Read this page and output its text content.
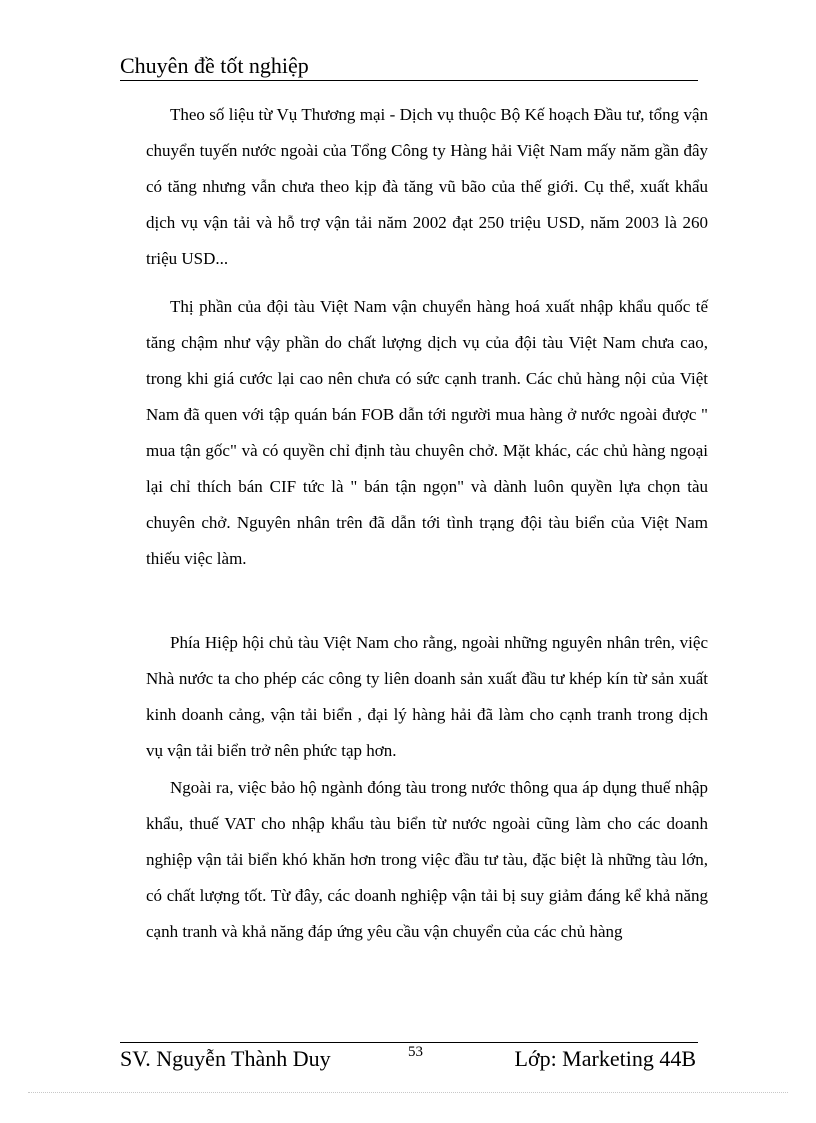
Chuyên đề tốt nghiệp

Theo số liệu từ Vụ Thương mại - Dịch vụ thuộc Bộ Kế hoạch Đầu tư, tổng vận chuyển tuyến nước ngoài của Tổng Công ty Hàng hải Việt Nam mấy năm gần đây có tăng nhưng vẫn chưa theo kịp đà tăng vũ bão của thế giới. Cụ thể, xuất khẩu dịch vụ vận tải và hỗ trợ vận tải năm 2002 đạt 250 triệu USD, năm 2003 là 260 triệu USD...

Thị phần của đội tàu Việt Nam vận chuyển hàng hoá xuất nhập khẩu quốc tế tăng chậm như vậy phần do chất lượng dịch vụ của đội tàu Việt Nam chưa cao, trong khi giá cước lại cao nên chưa có sức cạnh tranh. Các chủ hàng nội của Việt Nam đã quen với tập quán bán FOB dẫn tới người mua hàng ở nước ngoài được " mua tận gốc" và có quyền chỉ định tàu chuyên chở. Mặt khác, các chủ hàng ngoại lại chỉ thích bán CIF tức là " bán tận ngọn" và dành luôn quyền lựa chọn tàu chuyên chở. Nguyên nhân trên đã dẫn tới tình trạng đội tàu biển của Việt Nam thiếu việc làm.

Phía Hiệp hội chủ tàu Việt Nam cho rằng, ngoài những nguyên nhân trên, việc Nhà nước ta cho phép các công ty liên doanh sản xuất đầu tư khép kín từ sản xuất kinh doanh cảng, vận tải biển , đại lý hàng hải đã làm cho cạnh tranh trong dịch vụ vận tải biển trở nên phức tạp hơn.

Ngoài ra, việc bảo hộ ngành đóng tàu trong nước thông qua áp dụng thuế nhập khẩu, thuế VAT cho nhập khẩu tàu biển từ nước ngoài cũng làm cho các doanh nghiệp vận tải biển khó khăn hơn trong việc đầu tư tàu, đặc biệt là những tàu lớn, có chất lượng tốt. Từ đây, các doanh nghiệp vận tải bị suy giảm đáng kể khả năng cạnh tranh và khả năng đáp ứng yêu cầu vận chuyển của các chủ hàng

SV. Nguyễn Thành Duy	53	Lớp: Marketing 44B
